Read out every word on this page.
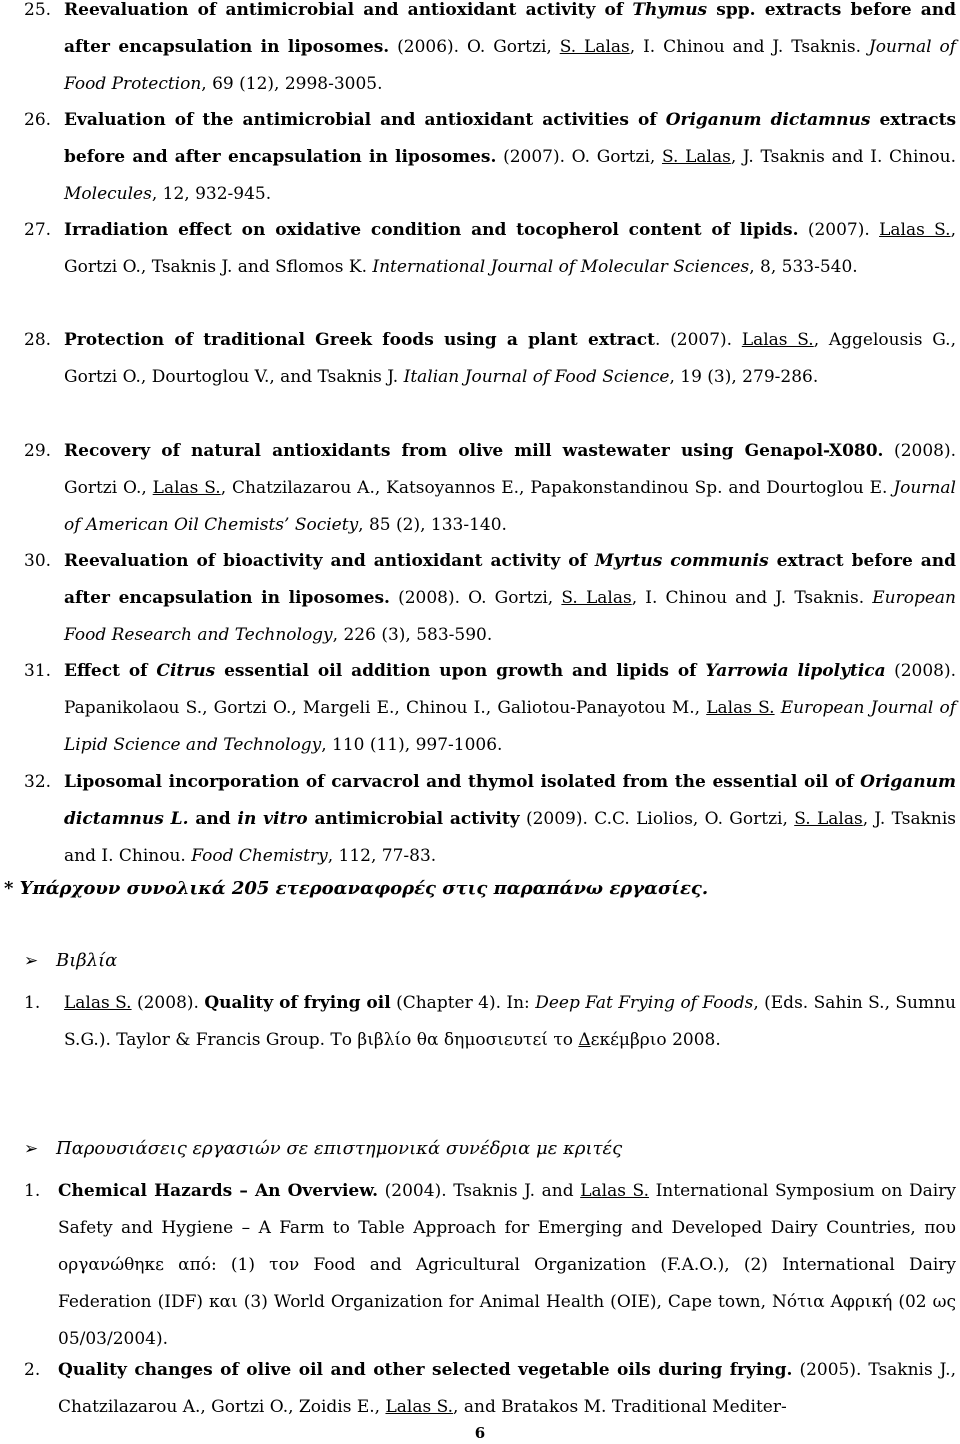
25. Reevaluation of antimicrobial and antioxidant activity of Thymus spp. extracts before and after encapsulation in liposomes. (2006). O. Gortzi, S. Lalas, I. Chinou and J. Tsaknis. Journal of Food Protection, 69 (12), 2998-3005.
26. Evaluation of the antimicrobial and antioxidant activities of Origanum dictamnus extracts before and after encapsulation in liposomes. (2007). O. Gortzi, S. Lalas, J. Tsaknis and I. Chinou. Molecules, 12, 932-945.
27. Irradiation effect on oxidative condition and tocopherol content of lipids. (2007). Lalas S., Gortzi O., Tsaknis J. and Sflomos K. International Journal of Molecular Sciences, 8, 533-540.
28. Protection of traditional Greek foods using a plant extract. (2007). Lalas S., Aggelousis G., Gortzi O., Dourtoglou V., and Tsaknis J. Italian Journal of Food Science, 19 (3), 279-286.
29. Recovery of natural antioxidants from olive mill wastewater using Genapol-X080. (2008). Gortzi O., Lalas S., Chatzilazarou A., Katsoyannos E., Papakonstandinou Sp. and Dourtoglou E. Journal of American Oil Chemists’ Society, 85 (2), 133-140.
30. Reevaluation of bioactivity and antioxidant activity of Myrtus communis extract before and after encapsulation in liposomes. (2008). O. Gortzi, S. Lalas, I. Chinou and J. Tsaknis. European Food Research and Technology, 226 (3), 583-590.
31. Effect of Citrus essential oil addition upon growth and lipids of Yarrowia lipolytica (2008). Papanikolaou S., Gortzi O., Margeli E., Chinou I., Galiotou-Panayotou M., Lalas S. European Journal of Lipid Science and Technology, 110 (11), 997-1006.
32. Liposomal incorporation of carvacrol and thymol isolated from the essential oil of Origanum dictamnus L. and in vitro antimicrobial activity (2009). C.C. Liolios, O. Gortzi, S. Lalas, J. Tsaknis and I. Chinou. Food Chemistry, 112, 77-83.
* Υπάρχουν συνολικά 205 ετεροαναφορές στις παραπάνω εργασίες.
➢ Βιβλία
1.	Lalas S. (2008). Quality of frying oil (Chapter 4). In: Deep Fat Frying of Foods, (Eds. Sahin S., Sumnu S.G.). Taylor & Francis Group. Το βιβλίο θα δημοσιευτεί το Δεκέμβριο 2008.
➢ Παρουσιάσεις εργασιών σε επιστημονικά συνέδρια με κριτές
1.	Chemical Hazards – An Overview. (2004). Tsaknis J. and Lalas S. International Symposium on Dairy Safety and Hygiene – A Farm to Table Approach for Emerging and Developed Dairy Countries, που οργανώθηκε από: (1) τον Food and Agricultural Organization (F.A.O.), (2) International Dairy Federation (IDF) και (3) World Organization for Animal Health (OIE), Cape town, Νότια Αφρική (02 ως 05/03/2004).
2.	Quality changes of olive oil and other selected vegetable oils during frying. (2005). Tsaknis J., Chatzilazarou A., Gortzi O., Zoidis E., Lalas S., and Bratakos M. Traditional Mediter-
6
